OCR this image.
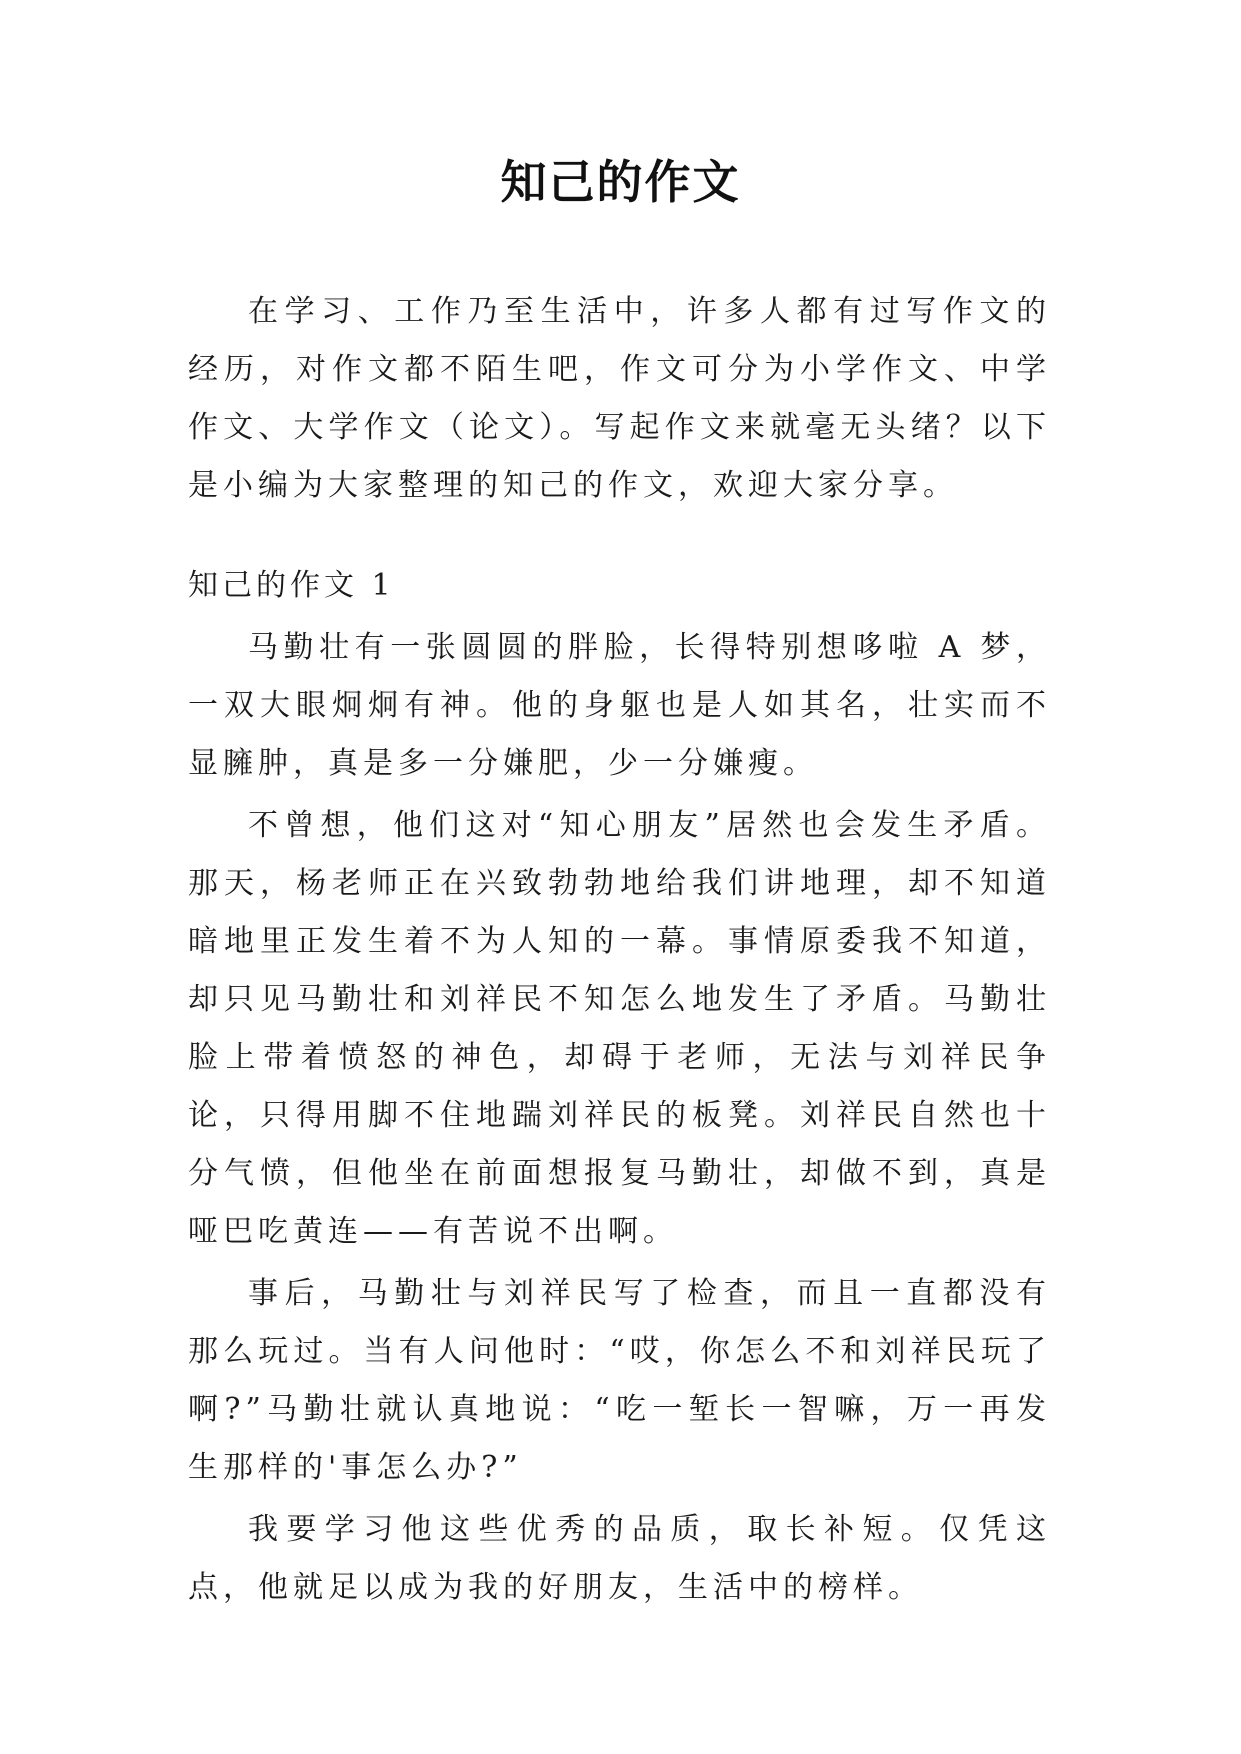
知己的作文

在学习、工作乃至生活中，许多人都有过写作文的经历，对作文都不陌生吧，作文可分为小学作文、中学作文、大学作文（论文）。写起作文来就毫无头绪？以下是小编为大家整理的知己的作文，欢迎大家分享。

知己的作文 1

马勤壮有一张圆圆的胖脸，长得特别想哆啦 A 梦，一双大眼炯炯有神。他的身躯也是人如其名，壮实而不显臃肿，真是多一分嫌肥，少一分嫌瘦。

不曾想，他们这对“知心朋友”居然也会发生矛盾。那天，杨老师正在兴致勃勃地给我们讲地理，却不知道暗地里正发生着不为人知的一幕。事情原委我不知道，却只见马勤壮和刘祥民不知怎么地发生了矛盾。马勤壮脸上带着愤怒的神色，却碍于老师，无法与刘祥民争论，只得用脚不住地踹刘祥民的板凳。刘祥民自然也十分气愤，但他坐在前面想报复马勤壮，却做不到，真是哑巴吃黄连——有苦说不出啊。

事后，马勤壮与刘祥民写了检查，而且一直都没有那么玩过。当有人问他时：“哎，你怎么不和刘祥民玩了啊?”马勤壮就认真地说：“吃一堑长一智嘛，万一再发生那样的'事怎么办?”

我要学习他这些优秀的品质，取长补短。仅凭这点，他就足以成为我的好朋友，生活中的榜样。
